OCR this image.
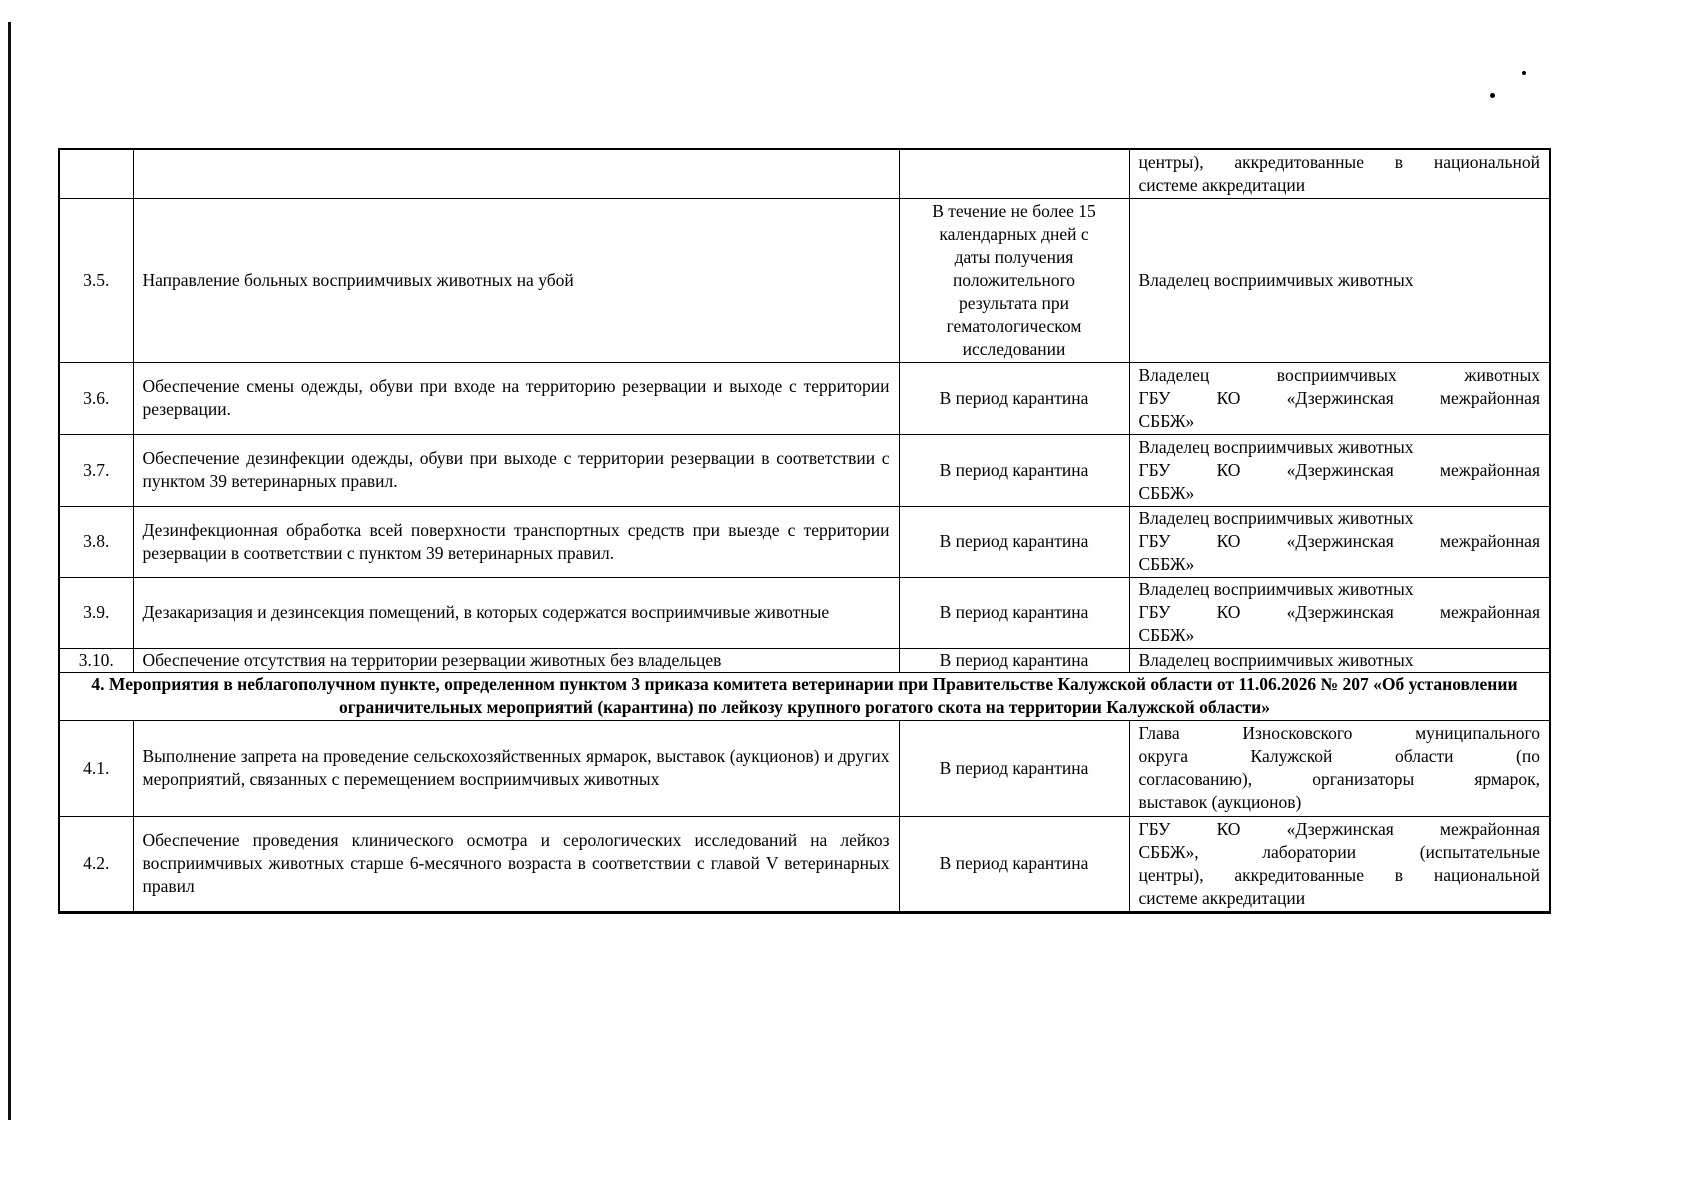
			центры), аккредитованные в национальной
системе аккредитации

3.5.	Направление больных восприимчивых животных на убой	В течение не более 15 календарных дней с даты получения положительного результата при гематологическом исследовании	Владелец восприимчивых животных

3.6.	Обеспечение смены одежды, обуви при входе на территорию резервации и выходе с территории резервации.	В период карантина	Владелец восприимчивых животных
ГБУ КО «Дзержинская межрайонная
СББЖ»

3.7.	Обеспечение дезинфекции одежды, обуви при выходе с территории резервации в соответствии с пунктом 39 ветеринарных правил.	В период карантина	Владелец восприимчивых животных
ГБУ КО «Дзержинская межрайонная
СББЖ»

3.8.	Дезинфекционная обработка всей поверхности транспортных средств при выезде с территории резервации в соответствии с пунктом 39 ветеринарных правил.	В период карантина	Владелец восприимчивых животных
ГБУ КО «Дзержинская межрайонная
СББЖ»

3.9.	Дезакаризация и дезинсекция помещений, в которых содержатся восприимчивые животные	В период карантина	Владелец восприимчивых животных
ГБУ КО «Дзержинская межрайонная
СББЖ»

3.10.	Обеспечение отсутствия на территории резервации животных без владельцев	В период карантина	Владелец восприимчивых животных

4. Мероприятия в неблагополучном пункте, определенном пунктом 3 приказа комитета ветеринарии при Правительстве Калужской области от 11.06.2026 № 207 «Об установлении ограничительных мероприятий (карантина) по лейкозу крупного рогатого скота на территории Калужской области»			
4.1.	Выполнение запрета на проведение сельскохозяйственных ярмарок, выставок (аукционов) и других мероприятий, связанных с перемещением восприимчивых животных	В период карантина	Глава Износковского муниципального
округа Калужской области (по
согласованию), организаторы ярмарок,
выставок (аукционов)

4.2.	Обеспечение проведения клинического осмотра и серологических исследований на лейкоз восприимчивых животных старше 6-месячного возраста в соответствии с главой V ветеринарных правил	В период карантина	ГБУ КО «Дзержинская межрайонная
СББЖ», лаборатории (испытательные
центры), аккредитованные в национальной
системе аккредитации
